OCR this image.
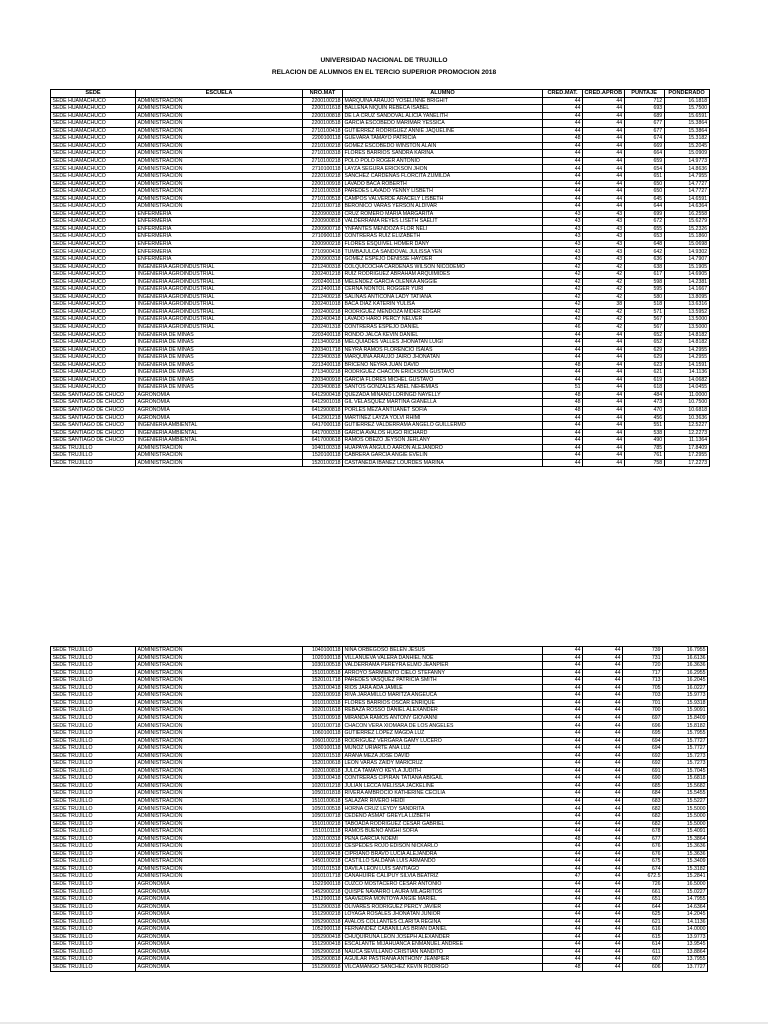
UNIVERSIDAD NACIONAL DE TRUJILLO
RELACION DE ALUMNOS EN EL TERCIO SUPERIOR PROMOCION 2018
SEDE	ESCUELA	NRO.MAT	ALUMNO	CRED.MAT.	CRED.APROB	PUNTAJE	PONDERADO
SEDE HUAMACHUCO	ADMINISTRACION	2200100218	MARQUINA ARAUJO YOSELINNE BRIGHIT	44	44	712	16.1818
SEDE HUAMACHUCO	ADMINISTRACION	2200101618	BALLENA NIQUIN REBECA ISABEL	44	44	693	15.7500
SEDE HUAMACHUCO	ADMINISTRACION	2200100818	DE LA CRUZ SANDOVAL ALICIA YANELITH	44	44	689	15.6591
SEDE HUAMACHUCO	ADMINISTRACION	2200100518	GARCIA ESCOBEDO MARIMAR YESSICA	44	44	677	15.3864
SEDE HUAMACHUCO	ADMINISTRACION	2710100418	GUTIERREZ RODRIGUEZ ANNIE JAQUELINE	44	44	677	15.3864
SEDE HUAMACHUCO	ADMINISTRACION	2200100118	GUEVARA TAMAYO PATRICIA	48	44	674	15.3182
SEDE HUAMACHUCO	ADMINISTRACION	2210100218	GOMEZ ESCOBEDO WINSTON ALAIN	44	44	669	15.2045
SEDE HUAMACHUCO	ADMINISTRACION	2710100318	FLORES BARRIOS SANDRA KARINA	44	44	664	15.0909
SEDE HUAMACHUCO	ADMINISTRACION	2710100218	POLO POLO ROGER ANTONIO	44	44	659	14.9773
SEDE HUAMACHUCO	ADMINISTRACION	2710100118	LAYZA SEGURA ERICKSON JHON	44	44	654	14.8636
SEDE HUAMACHUCO	ADMINISTRACION	2220100218	SANCHEZ CARDENAS FLORCITA ZUMILDA	44	44	651	14.7955
SEDE HUAMACHUCO	ADMINISTRACION	2200100918	LAVADO BACA ROBERTH	44	44	650	14.7727
SEDE HUAMACHUCO	ADMINISTRACION	2210100318	PAREDES LAVADO YENNY LISBETH	44	44	650	14.7727
SEDE HUAMACHUCO	ADMINISTRACION	2710100518	CAMPOS VALVERDE ARACELY LISBETH	44	44	645	14.6591
SEDE HUAMACHUCO	ADMINISTRACION	2210100718	BERONICO VARAS YERSON ALDIVAR	44	44	644	14.6364
SEDE HUAMACHUCO	ENFERMERIA	2220900318	CRUZ ROMERO MARIA MARGARITA	43	43	699	16.2558
SEDE HUAMACHUCO	ENFERMERIA	2200900818	VALDERRAMA REYES LISETH SAELIT	43	43	672	15.6279
SEDE HUAMACHUCO	ENFERMERIA	2200900718	YNFANTES MENDOZA FLOR NELI	43	43	655	15.2326
SEDE HUAMACHUCO	ENFERMERIA	2710900118	CONTRERAS RUIZ ELIZABETH	43	43	653	15.1860
SEDE HUAMACHUCO	ENFERMERIA	2200900218	FLORES ESQUIVEL HOMER DANY	43	43	648	15.0698
SEDE HUAMACHUCO	ENFERMERIA	2710900418	TUMBAJULCA SANDOVAL JULISSA YEN	43	43	642	14.9302
SEDE HUAMACHUCO	ENFERMERIA	2200900318	GOMEZ ESPEJO DENISSE HAYDER	43	43	636	14.7907
SEDE HUAMACHUCO	INGENIERIA AGROINDUSTRIAL	2212400318	COLQUICOCHA CARDENAS WILSON NICODEMO	42	42	638	15.1905
SEDE HUAMACHUCO	INGENIERIA AGROINDUSTRIAL	2202401218	RUIZ RODRIGUEZ ABRAHAM ARQUIMIDES	42	42	617	14.6905
SEDE HUAMACHUCO	INGENIERIA AGROINDUSTRIAL	2202400118	MELENDEZ GARCIA OLENKA ANGGIE	42	42	598	14.2381
SEDE HUAMACHUCO	INGENIERIA AGROINDUSTRIAL	2212400118	CERNA NONTOL ROGGER YURI	42	42	595	14.1667
SEDE HUAMACHUCO	INGENIERIA AGROINDUSTRIAL	2212400218	SALINAS ANTICONA LADY TATIANA	42	42	580	13.8095
SEDE HUAMACHUCO	INGENIERIA AGROINDUSTRIAL	2202401018	BACA DIAZ KATERIN YULISA	42	38	518	13.6316
SEDE HUAMACHUCO	INGENIERIA AGROINDUSTRIAL	2202400218	RODRIGUEZ MENDOZA MIDER EDGAR	42	42	571	13.5952
SEDE HUAMACHUCO	INGENIERIA AGROINDUSTRIAL	2202400418	LAVADO HARO PERCY NELVER	42	42	567	13.5000
SEDE HUAMACHUCO	INGENIERIA AGROINDUSTRIAL	2202401318	CONTRERAS ESPEJO DANIEL	46	42	567	13.5000
SEDE HUAMACHUCO	INGENIERIA DE MINAS	2203400118	RONDO JALCA KEVIN DANIEL	44	44	652	14.8182
SEDE HUAMACHUCO	INGENIERIA DE MINAS	2213400218	MELQUIADES VALLES JHONATAN LUIGI	44	44	652	14.8182
SEDE HUAMACHUCO	INGENIERIA DE MINAS	2203401718	NEYRA RAMOS FLORENCIO ISAIAS	44	44	629	14.2955
SEDE HUAMACHUCO	INGENIERIA DE MINAS	2223400318	MARQUINA ARAUJO JAIRO JHONATAN	44	44	629	14.2955
SEDE HUAMACHUCO	INGENIERIA DE MINAS	2213400118	BRICEÑO NEYRA JUAN DAVID	48	44	623	14.1591
SEDE HUAMACHUCO	INGENIERIA DE MINAS	2713400218	RODRIGUEZ CHACON ERICKSON GUSTAVO	44	44	621	14.1136
SEDE HUAMACHUCO	INGENIERIA DE MINAS	2203400918	GARCIA FLORES MICHEL GUSTAVO	44	44	619	14.0682
SEDE HUAMACHUCO	INGENIERIA DE MINAS	2203400818	SANTOS GONZALES ABEL NEHEMIAS	51	44	618	14.0455
SEDE SANTIAGO DE CHUCO	AGRONOMIA	6412900418	QUEZADA MIÑANO LORINGD NAYELLY	48	44	484	11.0000
SEDE SANTIAGO DE CHUCO	AGRONOMIA	6412901018	GIL VELASQUEZ MARTINA GIANELLA	48	44	473	10.7500
SEDE SANTIAGO DE CHUCO	AGRONOMIA	6412900818	PORLES MEZA ANTUANET SOFIA	48	44	470	10.6818
SEDE SANTIAGO DE CHUCO	AGRONOMIA	6412901218	MARTINEZ LAYZA YOLVI RHIMI	44	44	456	10.3636
SEDE SANTIAGO DE CHUCO	INGENIERIA AMBIENTAL	6417000118	GUTIERREZ VALDERRAMA ANGELO GUILLERMO	44	44	551	12.5227
SEDE SANTIAGO DE CHUCO	INGENIERIA AMBIENTAL	6417000318	GARCIA AVALOS HUGO RICHARD	44	44	538	12.2273
SEDE SANTIAGO DE CHUCO	INGENIERIA AMBIENTAL	6417000618	RAMOS OBEZO JEYSON JERLANY	44	44	490	11.1364
SEDE TRUJILLO	ADMINISTRACION	1040100318	HUAPAYA ANGULO AARON ALEJANDRO	44	44	785	17.8409
SEDE TRUJILLO	ADMINISTRACION	1520100118	CABRERA GARCIA ANGIE EVELIN	44	44	761	17.2955
SEDE TRUJILLO	ADMINISTRACION	1520100218	CASTAÑEDA IBAÑEZ LOURDES MARINA	44	44	758	17.2273
SEDE TRUJILLO	ADMINISTRACION	1040100118	NINA ORBEGOSO BELEN JESUS	44	44	739	16.7955
SEDE TRUJILLO	ADMINISTRACION	1020100118	VILLANUEVA VALERA DANHIEL NOE	44	44	731	16.6136
SEDE TRUJILLO	ADMINISTRACION	1030100518	VALDERRAMA PEREYRA ELMO JEANPIER	44	44	720	16.3636
SEDE TRUJILLO	ADMINISTRACION	1510100518	ARROYO SARMIENTO CIELO STEFANNY	44	44	717	16.2955
SEDE TRUJILLO	ADMINISTRACION	1520101718	PAREDES VASQUEZ PATRICIA SMITH	44	44	713	16.2045
SEDE TRUJILLO	ADMINISTRACION	1520100418	RIOS JARA ADA JAMILE	44	44	705	16.0227
SEDE TRUJILLO	ADMINISTRACION	1020100918	RIVA JARAMILLO MARITZA ANGEUCA	44	44	703	15.9773
SEDE TRUJILLO	ADMINISTRACION	1010100318	FLORES BARRIOS OSCAR ENRIQUE	44	44	701	15.9318
SEDE TRUJILLO	ADMINISTRACION	1020101618	REBAZA ROSSO DANIEL ALEXANDER	44	44	700	15.9091
SEDE TRUJILLO	ADMINISTRACION	1510100918	MIRANDA RAMOS ANTONY GIOVANNI	44	44	697	15.8409
SEDE TRUJILLO	ADMINISTRACION	1010100718	CHACON VERA XIOMARA DE LOS ANGELES	44	44	696	15.8182
SEDE TRUJILLO	ADMINISTRACION	1060100118	GUTIERREZ LOPEZ MAGDA LUZ	44	44	695	15.7955
SEDE TRUJILLO	ADMINISTRACION	1060100218	RODRIGUEZ VERGARA GAMY LUCERO	44	44	694	15.7727
SEDE TRUJILLO	ADMINISTRACION	1930100118	MUÑOZ URIARTE ANA LUZ	44	44	694	15.7727
SEDE TRUJILLO	ADMINISTRACION	1020101518	ARANA MEZA JOSE DAVID	44	44	692	15.7273
SEDE TRUJILLO	ADMINISTRACION	1520100618	LEON VARAS ZAIDY MARICRUZ	44	44	692	15.7273
SEDE TRUJILLO	ADMINISTRACION	1020100818	JULCA TAMAYO KEYLA JUDITH	44	44	691	15.7045
SEDE TRUJILLO	ADMINISTRACION	1030100418	CONTRERAS CIPIRAN TATIANA ABIGAIL	44	44	690	15.6818
SEDE TRUJILLO	ADMINISTRACION	1020101218	JULIAN LECCA MELISSA JACKELINE	44	44	685	15.5682
SEDE TRUJILLO	ADMINISTRACION	1050101818	RIVERA AMBROCIO KATHERINE CECILIA	44	44	684	15.5455
SEDE TRUJILLO	ADMINISTRACION	1510100618	SALAZAR RIVERO HEIDI	44	44	683	15.5227
SEDE TRUJILLO	ADMINISTRACION	1050100518	HORNA CRUZ LEYDY SANDRITA	44	44	682	15.5000
SEDE TRUJILLO	ADMINISTRACION	1050100718	CEDEÑO ASMAT GREYLA LIZBETH	44	44	682	15.5000
SEDE TRUJILLO	ADMINISTRACION	1510100218	TABOADA RODRIGUEZ CESAR GABRIEL	44	44	682	15.5000
SEDE TRUJILLO	ADMINISTRACION	1510101118	RAMOS BUENO ANGHI SOFIA	44	44	678	15.4091
SEDE TRUJILLO	ADMINISTRACION	1020100318	PEÑA GARCIA NOEMI	48	44	677	15.3864
SEDE TRUJILLO	ADMINISTRACION	1010100218	CESPEDES ROJO EDISON NICKARLO	44	44	676	15.3636
SEDE TRUJILLO	ADMINISTRACION	1010100418	CIPRIANO BRAVO LUCIA ALEJANDRA	44	44	676	15.3636
SEDE TRUJILLO	ADMINISTRACION	1450100218	CASTILLO SALDAÑA LUIS ARMANDO	44	44	675	15.3409
SEDE TRUJILLO	ADMINISTRACION	1010101518	DAVILA LEON LUIS SANTIAGO	44	44	674	15.3182
SEDE TRUJILLO	ADMINISTRACION	1010101718	CANAHUIRE CALIPUY SILVIA BEATRIZ	47	44	672.5	15.2841
SEDE TRUJILLO	AGRONOMIA	1522900118	CUZCO MOSTACERO CESAR ANTONIO	44	44	726	16.5000
SEDE TRUJILLO	AGRONOMIA	1452900218	QUISPE NAVARRO LAURA MILAGRITOS	44	44	661	15.0227
SEDE TRUJILLO	AGRONOMIA	1512900118	SAAVEDRA MONTOYA ANGIE MARIEL	44	44	651	14.7955
SEDE TRUJILLO	AGRONOMIA	1512900318	OLIVARES RODRIGUEZ PERCY JAVIER	44	44	644	14.6364
SEDE TRUJILLO	AGRONOMIA	1512900218	LOYAGA ROSALES JHONATAN JUNIOR	44	44	625	14.2045
SEDE TRUJILLO	AGRONOMIA	1052900318	AVALOS COLLANTES CLARITA REGINA	44	44	621	14.1136
SEDE TRUJILLO	AGRONOMIA	1052900118	FERNANDEZ CABANILLAS BRIAN DANIEL	44	44	616	14.0000
SEDE TRUJILLO	AGRONOMIA	1052900418	CHUQUIRUNA LEON JOSEPH ALEXANDER	44	44	615	13.9773
SEDE TRUJILLO	AGRONOMIA	1512900418	ESCALANTE MIJAHUANCA ENMANUEL ANDREE	44	44	614	13.9545
SEDE TRUJILLO	AGRONOMIA	1052900218	NAUCA SEVILLANO CRISTIAN NANDITO	44	44	611	13.8864
SEDE TRUJILLO	AGRONOMIA	1052900818	AGUILAR PASTRANA ANTHONY JEANPIER	44	44	607	13.7955
SEDE TRUJILLO	AGRONOMIA	1512900918	VILCAMANGO SANCHEZ KEVIN RODRIGO	48	44	606	13.7727
